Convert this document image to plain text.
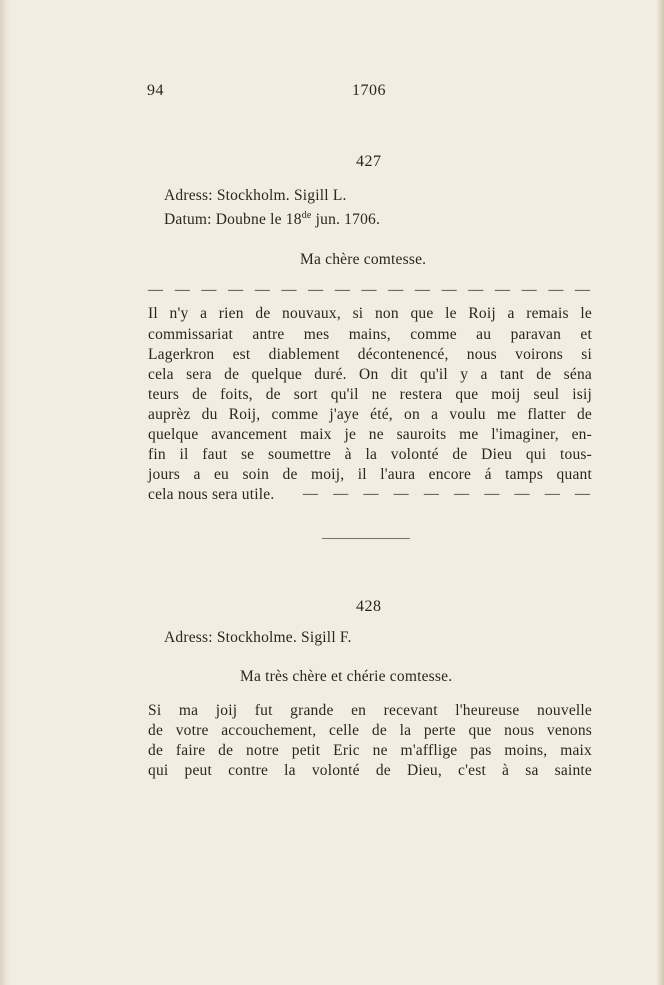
94	1706
427
Adress: Stockholm. Sigill L.
Datum: Doubne le 18de jun. 1706.
Ma chère comtesse.
— — — — — — — — — — — — — — — — —
Il n'y a rien de nouvaux, si non que le Roij a remais le
commissariat antre mes mains, comme au paravan et
Lagerkron est diablement décontenencé, nous voirons si
cela sera de quelque duré. On dit qu'il y a tant de séna
teurs de foits, de sort qu'il ne restera que moij seul isij
auprèz du Roij, comme j'aye été, on a voulu me flatter de
quelque avancement maix je ne sauroits me l'imaginer, en-
fin il faut se soumettre à la volonté de Dieu qui tous-
jours a eu soin de moij, il l'aura encore á tamps quant
cela nous sera utile. — — — — — — — — — —
428
Adress: Stockholme. Sigill F.
Ma très chère et chérie comtesse.
Si ma joij fut grande en recevant l'heureuse nouvelle
de votre accouchement, celle de la perte que nous venons
de faire de notre petit Eric ne m'afflige pas moins, maix
qui peut contre la volonté de Dieu, c'est à sa sainte
